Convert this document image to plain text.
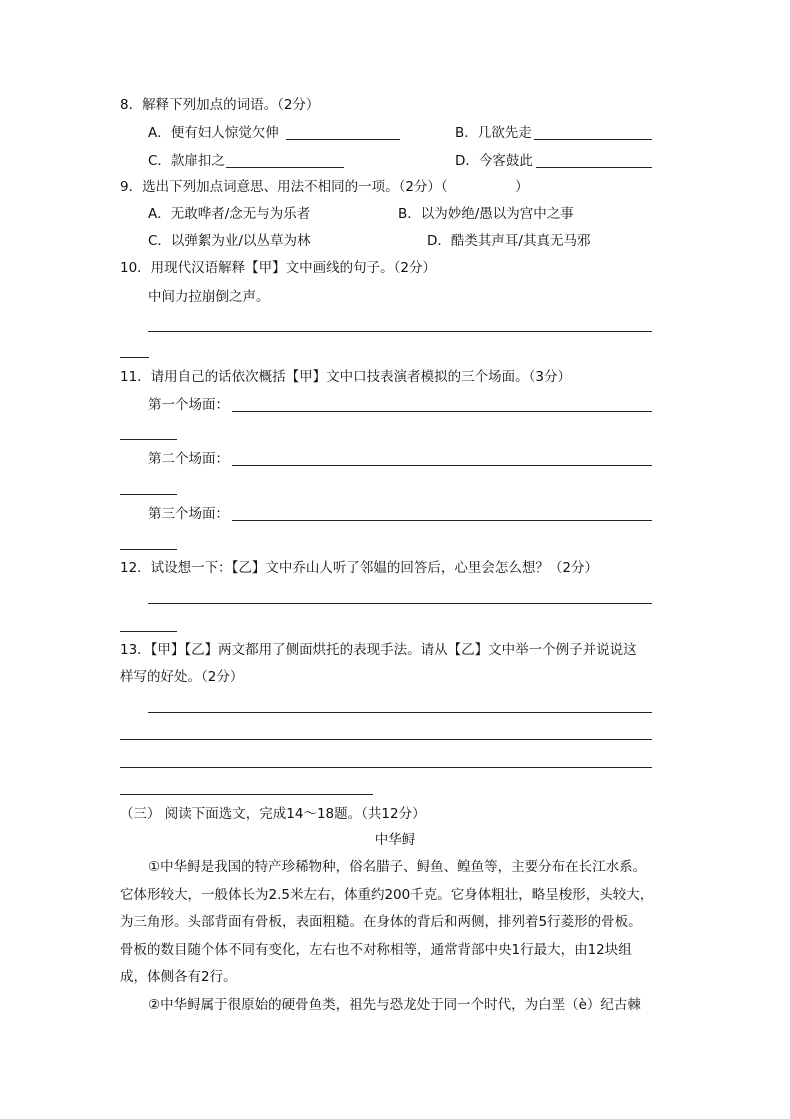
8．解释下列加点的词语。（2分）
A．便有妇人惊觉欠伸	B．几欲先走
C．款扉扣之	D．今客鼓此
9．选出下列加点词意思、用法不相同的一项。（2分）（　　　　　）
A．无敢哗者/念无与为乐者	B．以为妙绝/愚以为宫中之事
C．以弹絮为业/以丛草为林	D．酷类其声耳/其真无马邪
10．用现代汉语解释【甲】文中画线的句子。（2分）
中间力拉崩倒之声。
11．请用自己的话依次概括【甲】文中口技表演者模拟的三个场面。（3分）
第一个场面：
第二个场面：
第三个场面：
12．试设想一下：【乙】文中乔山人听了邻媪的回答后，心里会怎么想？（2分）
13．【甲】【乙】两文都用了侧面烘托的表现手法。请从【乙】文中举一个例子并说说这
样写的好处。（2分）
（三） 阅读下面选文，完成14～18题。（共12分）
中华鲟
①中华鲟是我国的特产珍稀物种，俗名腊子、鲟鱼、鳇鱼等，主要分布在长江水系。
它体形较大，一般体长为2.5米左右，体重约200千克。它身体粗壮，略呈梭形，头较大，
为三角形。头部背面有骨板，表面粗糙。在身体的背后和两侧，排列着5行菱形的骨板。
骨板的数目随个体不同有变化，左右也不对称相等，通常背部中央1行最大，由12块组
成，体侧各有2行。
②中华鲟属于很原始的硬骨鱼类，祖先与恐龙处于同一个时代，为白垩（è）纪古棘
